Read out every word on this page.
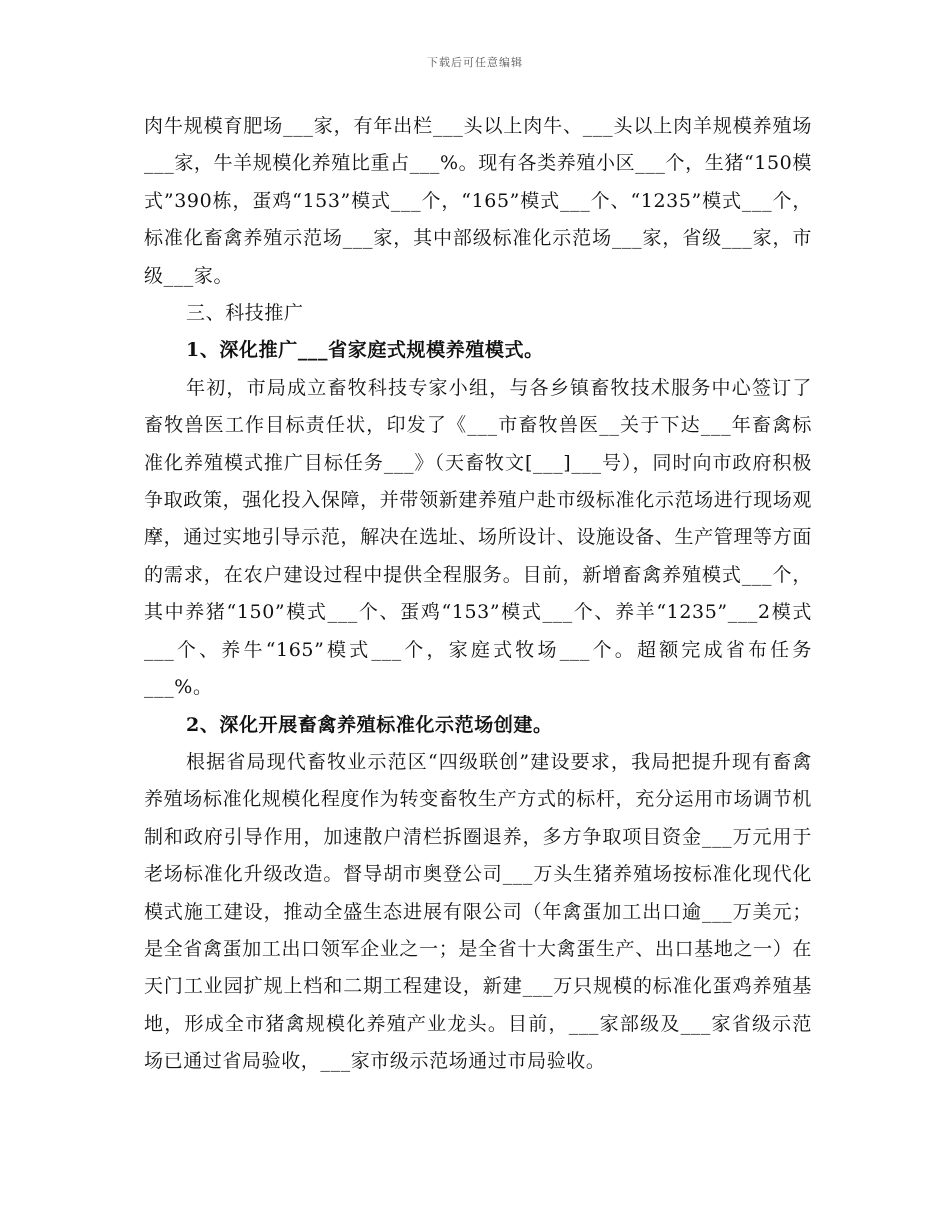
下载后可任意编辑

肉牛规模育肥场___家，有年出栏___头以上肉牛、___头以上肉羊规模养殖场___家，牛羊规模化养殖比重占___%。现有各类养殖小区___个，生猪“150模式”390栋，蛋鸡“153”模式___个，“165”模式___个、“1235”模式___个，标准化畜禽养殖示范场___家，其中部级标准化示范场___家，省级___家，市级___家。

三、科技推广

1、深化推广___省家庭式规模养殖模式。

年初，市局成立畜牧科技专家小组，与各乡镇畜牧技术服务中心签订了畜牧兽医工作目标责任状，印发了《___市畜牧兽医__关于下达___年畜禽标准化养殖模式推广目标任务___》（天畜牧文[___]___号），同时向市政府积极争取政策，强化投入保障，并带领新建养殖户赴市级标准化示范场进行现场观摩，通过实地引导示范，解决在选址、场所设计、设施设备、生产管理等方面的需求，在农户建设过程中提供全程服务。目前，新增畜禽养殖模式___个，其中养猪“150”模式___个、蛋鸡“153”模式___个、养羊“1235”___2模式___个、养牛“165”模式___个，家庭式牧场___个。超额完成省布任务___%。

2、深化开展畜禽养殖标准化示范场创建。

根据省局现代畜牧业示范区“四级联创”建设要求，我局把提升现有畜禽养殖场标准化规模化程度作为转变畜牧生产方式的标杆，充分运用市场调节机制和政府引导作用，加速散户清栏拆圈退养，多方争取项目资金___万元用于老场标准化升级改造。督导胡市奥登公司___万头生猪养殖场按标准化现代化模式施工建设，推动全盛生态进展有限公司（年禽蛋加工出口逾___万美元；是全省禽蛋加工出口领军企业之一；是全省十大禽蛋生产、出口基地之一）在天门工业园扩规上档和二期工程建设，新建___万只规模的标准化蛋鸡养殖基地，形成全市猪禽规模化养殖产业龙头。目前，___家部级及___家省级示范场已通过省局验收，___家市级示范场通过市局验收。
